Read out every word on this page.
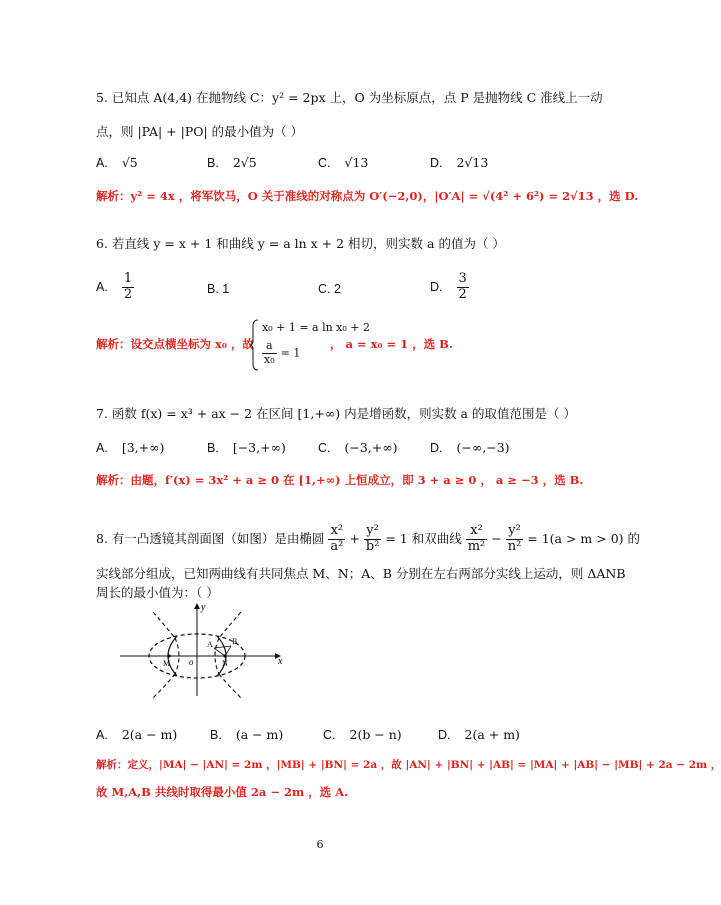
5. 已知点 A(4,4) 在抛物线 C：y² = 2px 上，O 为坐标原点，点 P 是抛物线 C 准线上一动
点，则 |PA| + |PO| 的最小值为（ ）
A. √5	B. 2√5	C. √13	D. 2√13
解析：y² = 4x ，将军饮马，O 关于准线的对称点为 O′(−2,0)，|O′A| = √(4² + 6²) = 2√13 ，选 D.
6. 若直线 y = x + 1 和曲线 y = a ln x + 2 相切，则实数 a 的值为（ ）
A. $\frac{1}{2}$	B. 1	C. 2	D. $\frac{3}{2}$
解析：设交点横坐标为 x₀ ，故
x₀ + 1 = a ln x₀ + 2
$\frac{a}{\text{x₀}} = 1$
， a = x₀ = 1 ，选 B.
7. 函数 f(x) = x³ + ax − 2 在区间 [1,+∞) 内是增函数，则实数 a 的取值范围是（ ）
A. [3,+∞)	B. [−3,+∞)	C. (−3,+∞)	D. (−∞,−3)
解析：由题，f′(x) = 3x² + a ≥ 0 在 [1,+∞) 上恒成立，即 3 + a ≥ 0 ， a ≥ −3 ，选 B.
8. 有一凸透镜其剖面图（如图）是由椭圆 $\frac{\text{x²}}{\text{a²}} + \frac{\text{y²}}{\text{b²}} = 1$ 和双曲线 $\frac{\text{x²}}{\text{m²}} - \frac{\text{y²}}{\text{n²}} = 1(a > m > 0)$ 的
实线部分组成，已知两曲线有共同焦点 M、N；A、B 分别在左右两部分实线上运动，则 ΔANB
周长的最小值为：（ ）
y
x
o
A B
M	N
A. 2(a − m)	B. (a − m)	C. 2(b − n)	D. 2(a + m)
解析：定义，|MA| − |AN| = 2m ，|MB| + |BN| = 2a ，故 |AN| + |BN| + |AB| = |MA| + |AB| − |MB| + 2a − 2m ，
故 M,A,B 共线时取得最小值 2a − 2m ，选 A.
6
